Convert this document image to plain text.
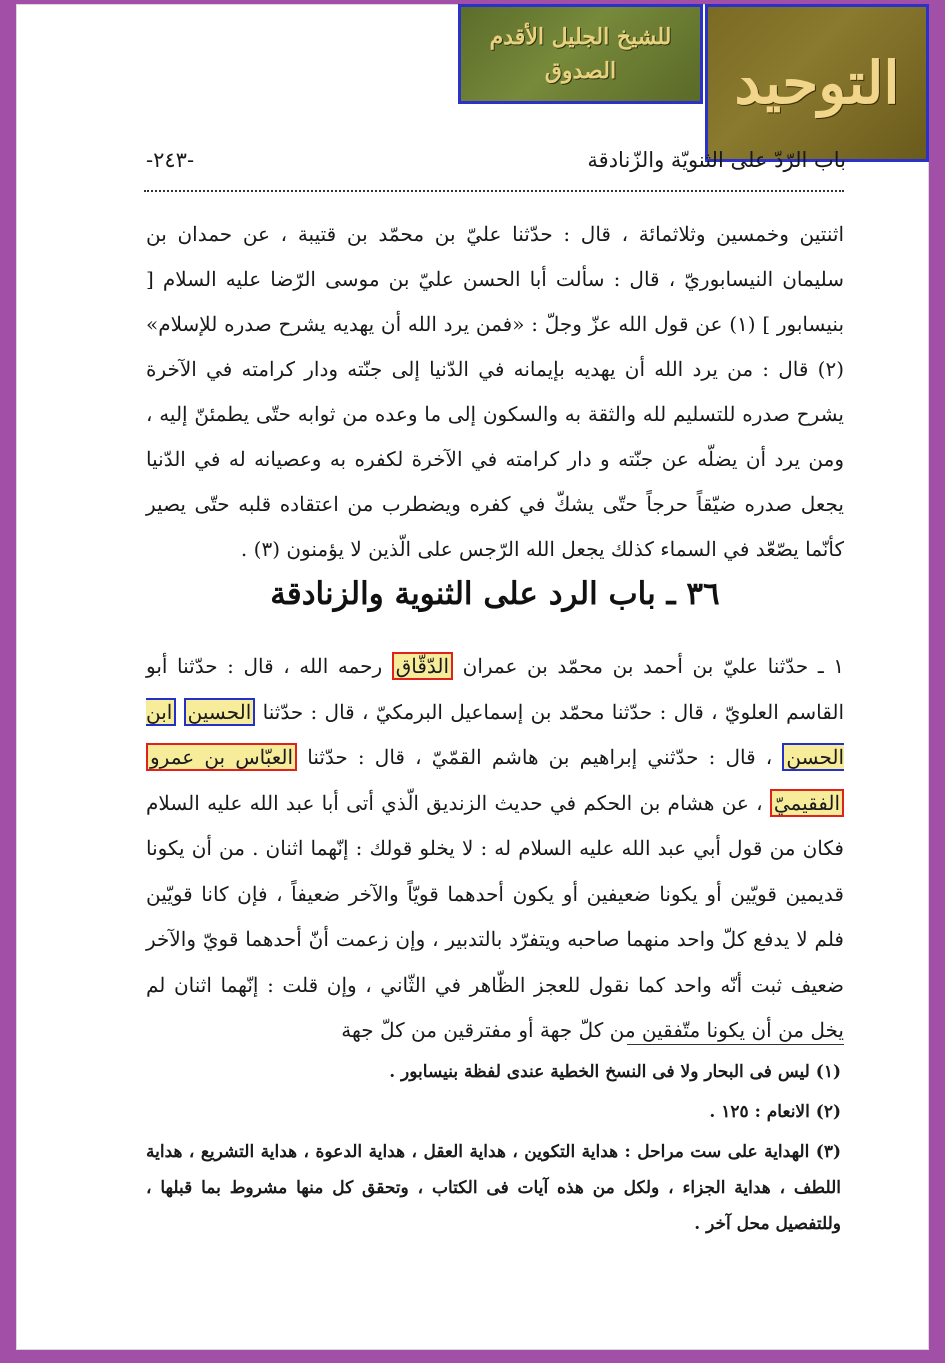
للشيخ الجليل الأقدم
الصدوق	التوحيد
باب الرّدّ على الثنويّة والزّنادقة
-٢٤٣-
اثنتين وخمسين وثلاثمائة ، قال : حدّثنا عليّ بن محمّد بن قتيبة ، عن حمدان بن سليمان النيسابوريّ ، قال : سألت أبا الحسن عليّ بن موسى الرّضا عليه السلام [ بنيسابور ] (١) عن قول الله عزّ وجلّ : «فمن يرد الله أن يهديه يشرح صدره للإسلام» (٢) قال : من يرد الله أن يهديه بإيمانه في الدّنيا إلى جنّته ودار كرامته في الآخرة يشرح صدره للتسليم لله والثقة به والسكون إلى ما وعده من ثوابه حتّى يطمئنّ إليه ، ومن يرد أن يضلّه عن جنّته و دار كرامته في الآخرة لكفره به وعصيانه له في الدّنيا يجعل صدره ضيّقاً حرجاً حتّى يشكّ في كفره ويضطرب من اعتقاده قلبه حتّى يصير كأنّما يصّعّد في السماء كذلك يجعل الله الرّجس على الّذين لا يؤمنون (٣) .
٣٦ ـ باب الرد على الثنوية والزنادقة
١ ـ حدّثنا عليّ بن أحمد بن محمّد بن عمران الدّقّاق رحمه الله ، قال : حدّثنا أبو القاسم العلويّ ، قال : حدّثنا محمّد بن إسماعيل البرمكيّ ، قال : حدّثنا الحسين ابن الحسن ، قال : حدّثني إبراهيم بن هاشم القمّيّ ، قال : حدّثنا العبّاس بن عمرو الفقيميّ ، عن هشام بن الحكم في حديث الزنديق الّذي أتى أبا عبد الله عليه السلام فكان من قول أبي عبد الله عليه السلام له : لا يخلو قولك : إنّهما اثنان . من أن يكونا قديمين قويّين أو يكونا ضعيفين أو يكون أحدهما قويّاً والآخر ضعيفاً ، فإن كانا قويّين فلم لا يدفع كلّ واحد منهما صاحبه ويتفرّد بالتدبير ، وإن زعمت أنّ أحدهما قويّ والآخر ضعيف ثبت أنّه واحد كما نقول للعجز الظّاهر في الثّاني ، وإن قلت : إنّهما اثنان لم يخل من أن يكونا متّفقين من كلّ جهة أو مفترقين من كلّ جهة
(١) ليس فى البحار ولا فى النسخ الخطية عندى لفظة بنيسابور .
(٢) الانعام : ١٢٥ .
(٣) الهداية على ست مراحل : هداية التكوين ، هداية العقل ، هداية الدعوة ، هداية التشريع ، هداية اللطف ، هداية الجزاء ، ولكل من هذه آيات فى الكتاب ، وتحقق كل منها مشروط بما قبلها ، وللتفصيل محل آخر .
